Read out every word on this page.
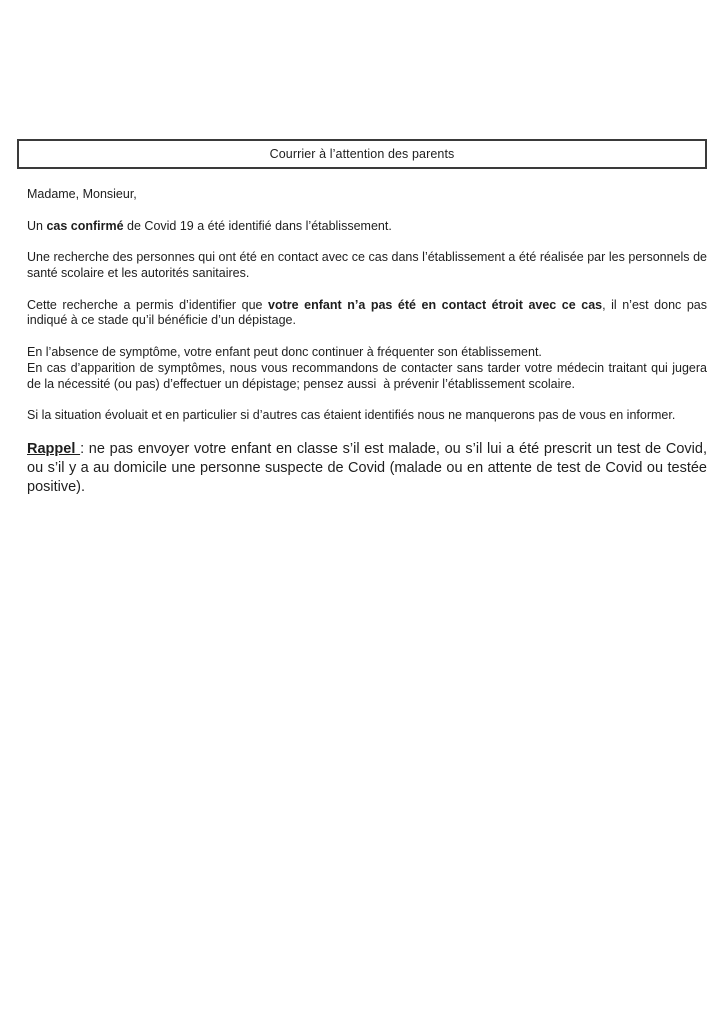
Courrier à l’attention des parents

Madame, Monsieur,

Un cas confirmé de Covid 19 a été identifié dans l’établissement.

Une recherche des personnes qui ont été en contact avec ce cas dans l’établissement a été réalisée par les personnels de santé scolaire et les autorités sanitaires.

Cette recherche a permis d’identifier que votre enfant n’a pas été en contact étroit avec ce cas, il n’est donc pas indiqué à ce stade qu’il bénéficie d’un dépistage.

En l’absence de symptôme, votre enfant peut donc continuer à fréquenter son établissement.

En cas d’apparition de symptômes, nous vous recommandons de contacter sans tarder votre médecin traitant qui jugera de la nécessité (ou pas) d’effectuer un dépistage; pensez aussi  à prévenir l’établissement scolaire.

Si la situation évoluait et en particulier si d’autres cas étaient identifiés nous ne manquerons pas de vous en informer.

Rappel : ne pas envoyer votre enfant en classe s’il est malade, ou s’il lui a été prescrit un test de Covid, ou s’il y a au domicile une personne suspecte de Covid (malade ou en attente de test de Covid ou testée positive).
